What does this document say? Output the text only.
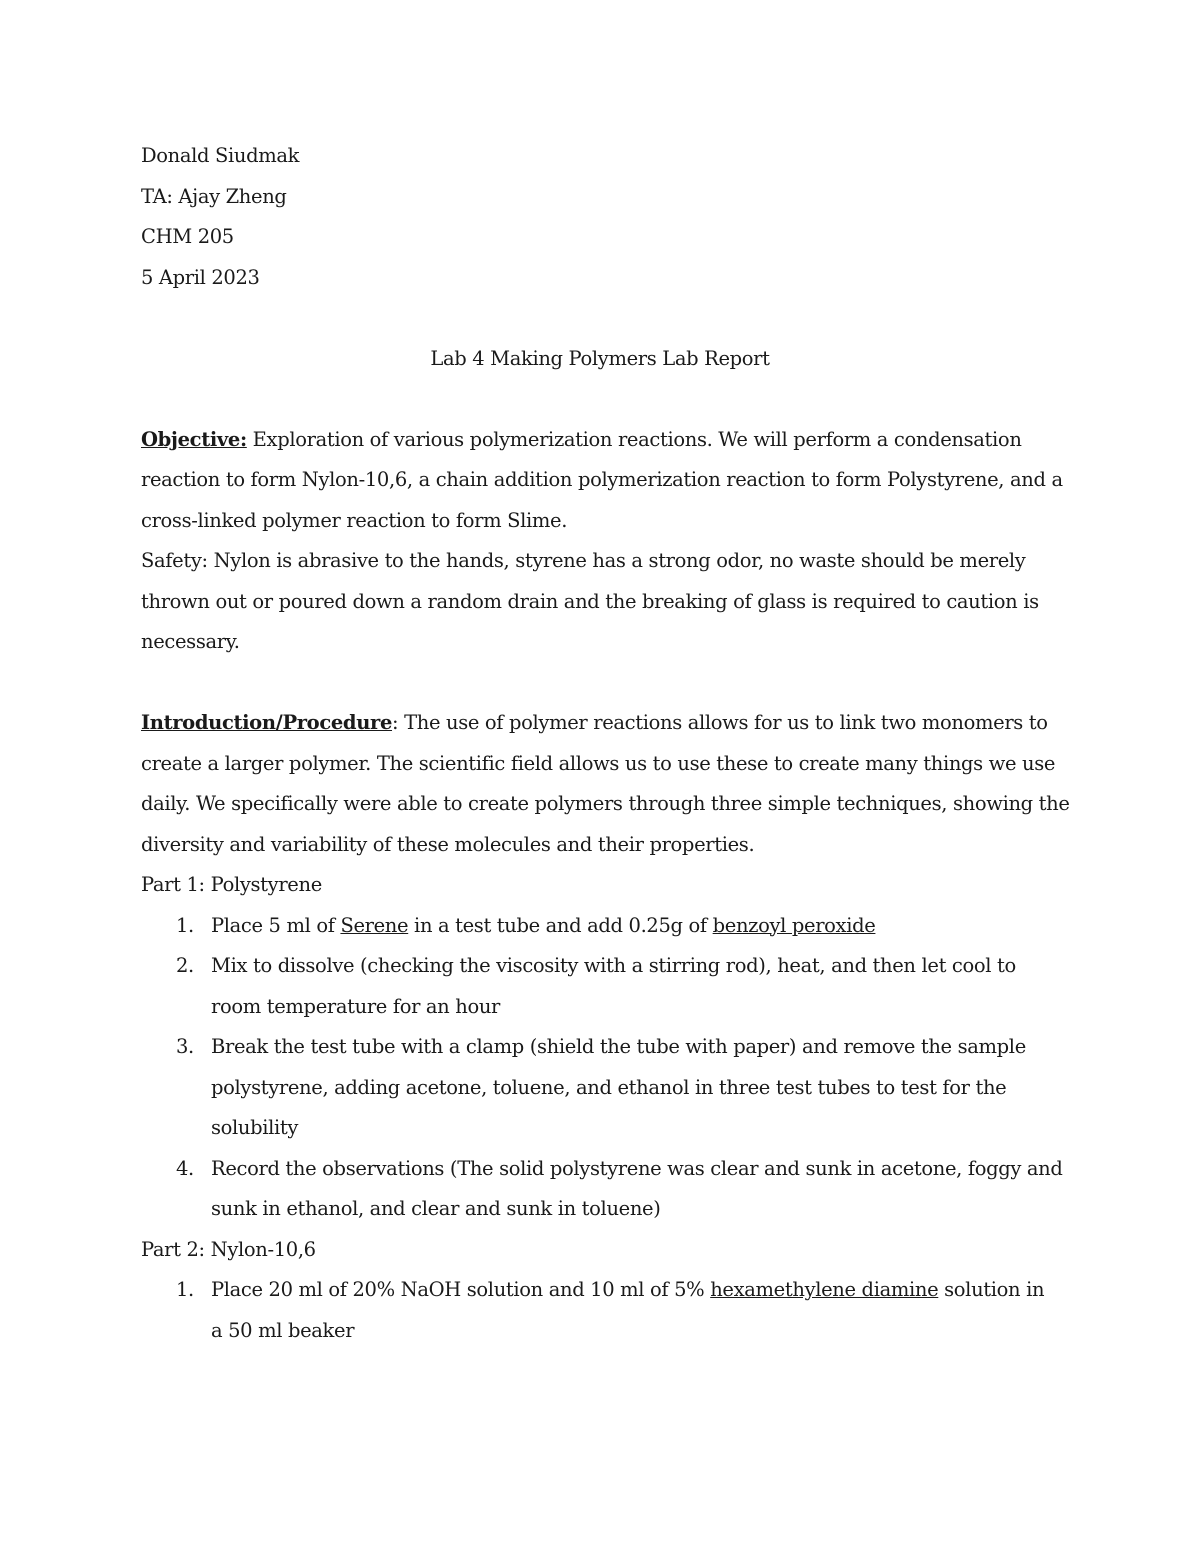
Donald Siudmak
TA: Ajay Zheng
CHM 205
5 April 2023
Lab 4 Making Polymers Lab Report
Objective: Exploration of various polymerization reactions. We will perform a condensation
reaction to form Nylon-10,6, a chain addition polymerization reaction to form Polystyrene, and a
cross-linked polymer reaction to form Slime.
Safety: Nylon is abrasive to the hands, styrene has a strong odor, no waste should be merely
thrown out or poured down a random drain and the breaking of glass is required to caution is
necessary.
Introduction/Procedure: The use of polymer reactions allows for us to link two monomers to
create a larger polymer. The scientific field allows us to use these to create many things we use
daily. We specifically were able to create polymers through three simple techniques, showing the
diversity and variability of these molecules and their properties.
Part 1: Polystyrene
1. Place 5 ml of Serene in a test tube and add 0.25g of benzoyl peroxide
2. Mix to dissolve (checking the viscosity with a stirring rod), heat, and then let cool to
room temperature for an hour
3. Break the test tube with a clamp (shield the tube with paper) and remove the sample
polystyrene, adding acetone, toluene, and ethanol in three test tubes to test for the
solubility
4. Record the observations (The solid polystyrene was clear and sunk in acetone, foggy and
sunk in ethanol, and clear and sunk in toluene)
Part 2: Nylon-10,6
1. Place 20 ml of 20% NaOH solution and 10 ml of 5% hexamethylene diamine solution in
a 50 ml beaker
